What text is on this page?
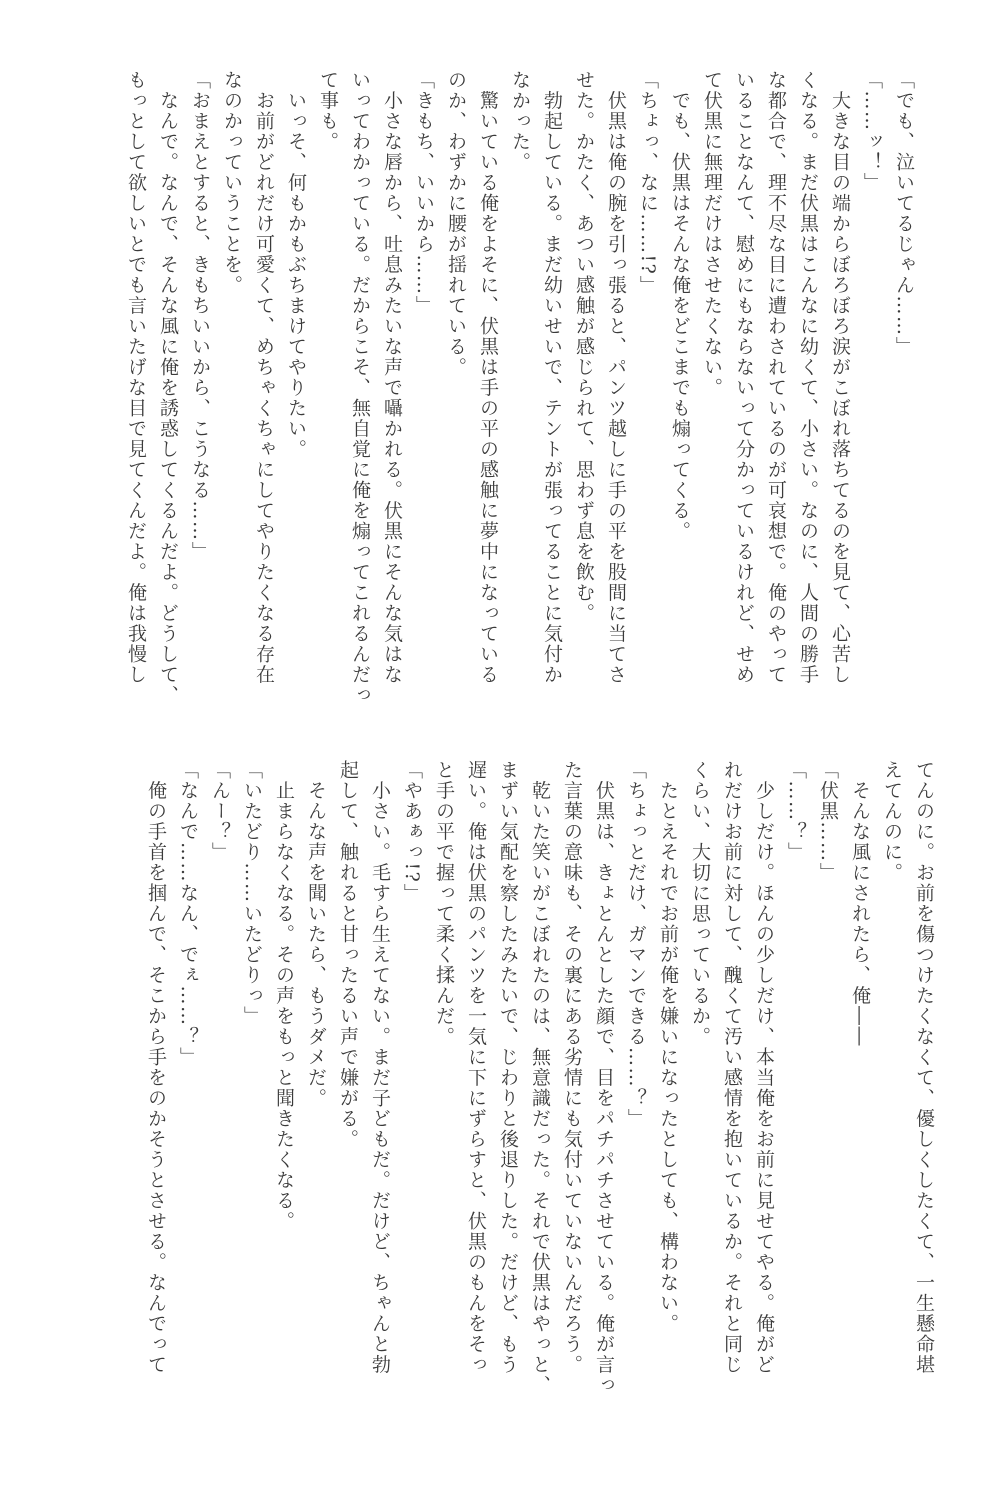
「でも、泣いてるじゃん……」
「……ッ！」
　大きな目の端からぼろぼろ涙がこぼれ落ちてるのを見て、心苦し
くなる。まだ伏黒はこんなに幼くて、小さい。なのに、人間の勝手
な都合で、理不尽な目に遭わされているのが可哀想で。俺のやって
いることなんて、慰めにもならないって分かっているけれど、せめ
て伏黒に無理だけはさせたくない。
　でも、伏黒はそんな俺をどこまでも煽ってくる。
「ちょっ、なに……!?」
　伏黒は俺の腕を引っ張ると、パンツ越しに手の平を股間に当てさ
せた。かたく、あつい感触が感じられて、思わず息を飲む。
　勃起している。まだ幼いせいで、テントが張ってることに気付か
なかった。
　驚いている俺をよそに、伏黒は手の平の感触に夢中になっている
のか、わずかに腰が揺れている。
「きもち、いいから……」
　小さな唇から、吐息みたいな声で囁かれる。伏黒にそんな気はな
いってわかっている。だからこそ、無自覚に俺を煽ってこれるんだっ
て事も。
　いっそ、何もかもぶちまけてやりたい。
　お前がどれだけ可愛くて、めちゃくちゃにしてやりたくなる存在
なのかっていうことを。
「おまえとすると、きもちいいから、こうなる……」
　なんで。なんで、そんな風に俺を誘惑してくるんだよ。どうして、
もっとして欲しいとでも言いたげな目で見てくんだよ。俺は我慢し
てんのに。お前を傷つけたくなくて、優しくしたくて、一生懸命堪
えてんのに。
　そんな風にされたら、俺――
「伏黒……」
「……？」
　少しだけ。ほんの少しだけ、本当俺をお前に見せてやる。俺がど
れだけお前に対して、醜くて汚い感情を抱いているか。それと同じ
くらい、大切に思っているか。
　たとえそれでお前が俺を嫌いになったとしても、構わない。
「ちょっとだけ、ガマンできる……？」
　伏黒は、きょとんとした顔で、目をパチパチさせている。俺が言っ
た言葉の意味も、その裏にある劣情にも気付いていないんだろう。
　乾いた笑いがこぼれたのは、無意識だった。それで伏黒はやっと、
まずい気配を察したみたいで、じわりと後退りした。だけど、もう
遅い。俺は伏黒のパンツを一気に下にずらすと、伏黒のもんをそっ
と手の平で握って柔く揉んだ。
「やあぁっ!?」
　小さい。毛すら生えてない。まだ子どもだ。だけど、ちゃんと勃
起して、触れると甘ったるい声で嫌がる。
　そんな声を聞いたら、もうダメだ。
　止まらなくなる。その声をもっと聞きたくなる。
「いたどり……いたどりっ」
「んー？」
「なんで……なん、でぇ……？」
　俺の手首を掴んで、そこから手をのかそうとさせる。なんでって
